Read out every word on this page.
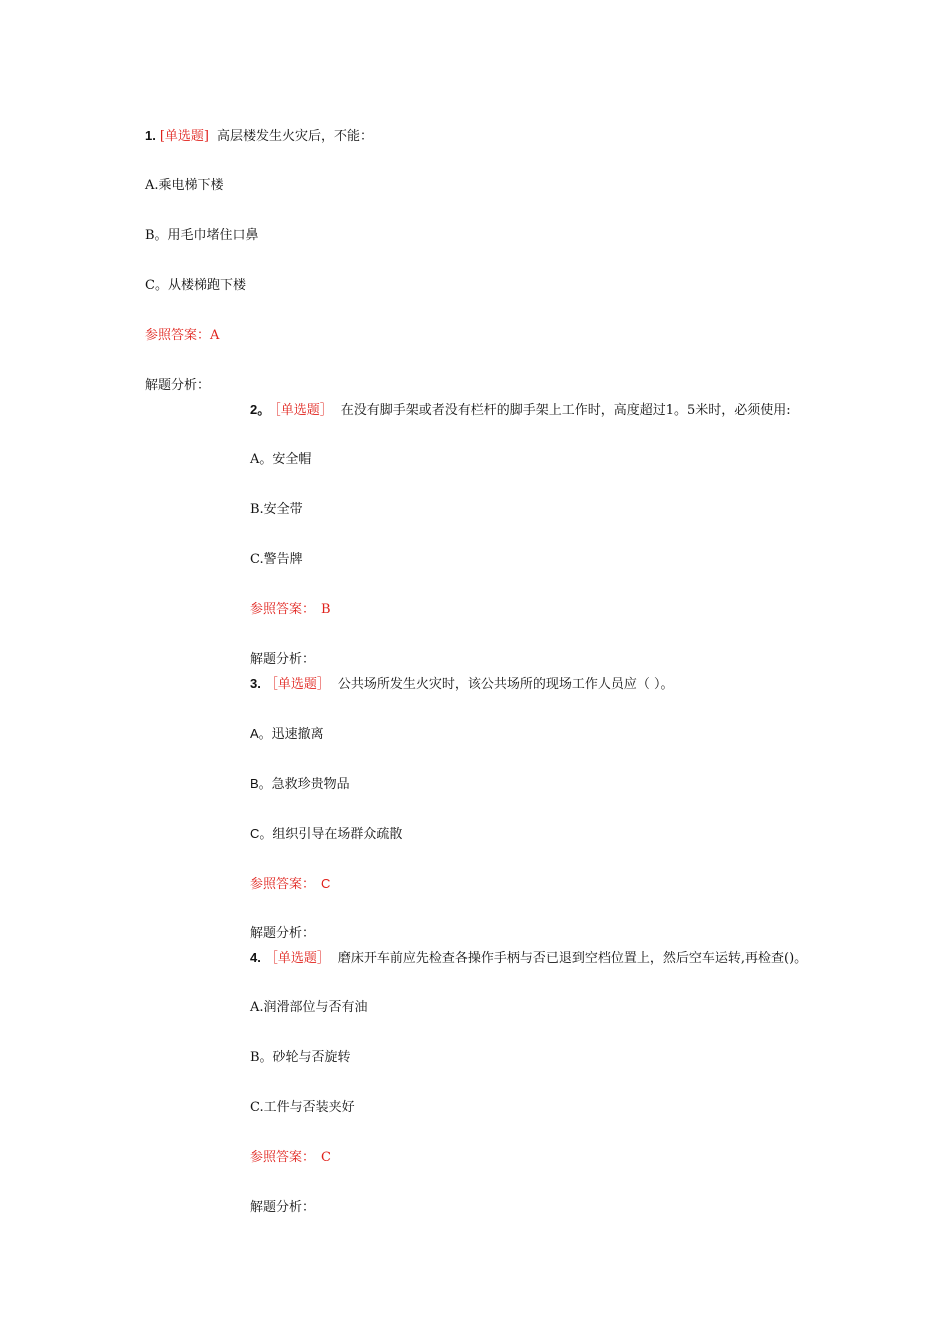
1. [单选题] 高层楼发生火灾后，不能：
A.乘电梯下楼
B。用毛巾堵住口鼻
C。从楼梯跑下楼
参照答案：A
解题分析：
2。 ［单选题］ 在没有脚手架或者没有栏杆的脚手架上工作时，高度超过1。5米时，必须使用:
A。安全帽
B.安全带
C.警告牌
参照答案： B
解题分析：
3. ［单选题］ 公共场所发生火灾时，该公共场所的现场工作人员应（ ）。
A。迅速撤离
B。急救珍贵物品
C。组织引导在场群众疏散
参照答案： C
解题分析：
4. ［单选题］ 磨床开车前应先检查各操作手柄与否已退到空档位置上，然后空车运转,再检查()。
A.润滑部位与否有油
B。砂轮与否旋转
C.工件与否装夹好
参照答案： C
解题分析：
